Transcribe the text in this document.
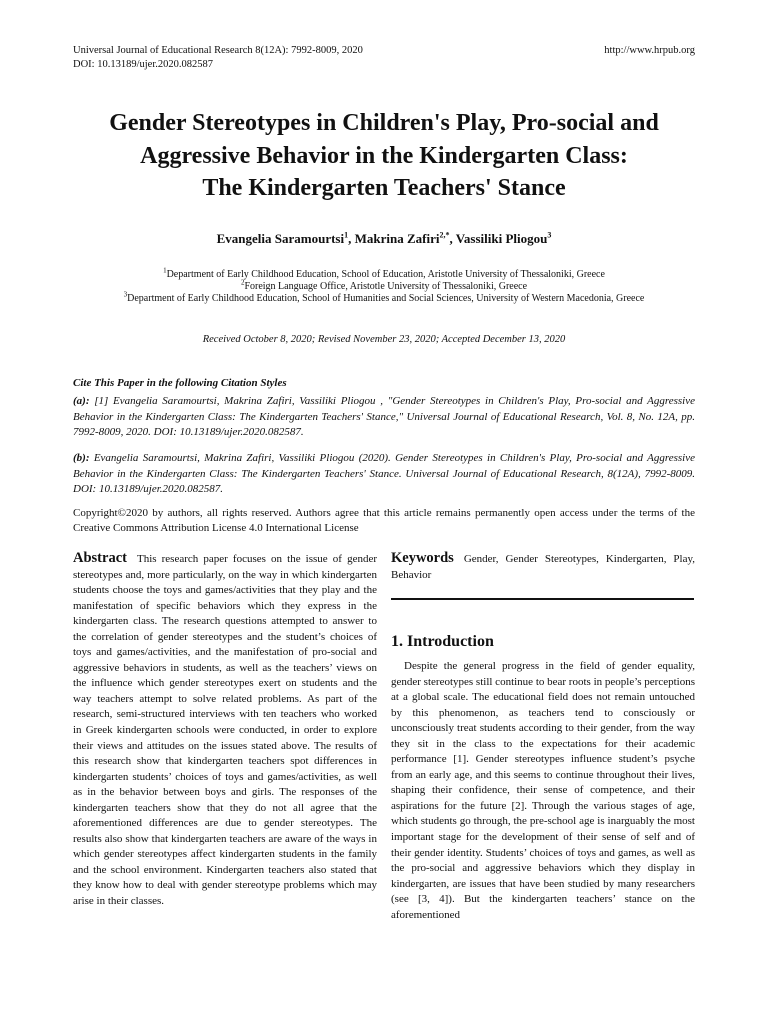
Universal Journal of Educational Research 8(12A): 7992-8009, 2020
DOI: 10.13189/ujer.2020.082587
http://www.hrpub.org
Gender Stereotypes in Children's Play, Pro-social and
Aggressive Behavior in the Kindergarten Class:
The Kindergarten Teachers' Stance
Evangelia Saramourtsi$^1$, Makrina Zafiri$^{2,*}$, Vassiliki Pliogou$^3$
$^1$Department of Early Childhood Education, School of Education, Aristotle University of Thessaloniki, Greece
$^2$Foreign Language Office, Aristotle University of Thessaloniki, Greece
$^3$Department of Early Childhood Education, School of Humanities and Social Sciences, University of Western Macedonia, Greece
Received October 8, 2020; Revised November 23, 2020; Accepted December 13, 2020
Cite This Paper in the following Citation Styles
(a): [1] Evangelia Saramourtsi, Makrina Zafiri, Vassiliki Pliogou , "Gender Stereotypes in Children's Play, Pro-social and Aggressive Behavior in the Kindergarten Class: The Kindergarten Teachers' Stance," Universal Journal of Educational Research, Vol. 8, No. 12A, pp. 7992-8009, 2020. DOI: 10.13189/ujer.2020.082587.
(b): Evangelia Saramourtsi, Makrina Zafiri, Vassiliki Pliogou (2020). Gender Stereotypes in Children's Play, Pro-social and Aggressive Behavior in the Kindergarten Class: The Kindergarten Teachers' Stance. Universal Journal of Educational Research, 8(12A), 7992-8009. DOI: 10.13189/ujer.2020.082587.
Copyright©2020 by authors, all rights reserved. Authors agree that this article remains permanently open access under the terms of the Creative Commons Attribution License 4.0 International License
Abstract This research paper focuses on the issue of gender stereotypes and, more particularly, on the way in which kindergarten students choose the toys and games/activities that they play and the manifestation of specific behaviors which they express in the kindergarten class. The research questions attempted to answer to the correlation of gender stereotypes and the student’s choices of toys and games/activities, and the manifestation of pro-social and aggressive behaviors in students, as well as the teachers’ views on the influence which gender stereotypes exert on students and the way teachers attempt to solve related problems. As part of the research, semi-structured interviews with ten teachers who worked in Greek kindergarten schools were conducted, in order to explore their views and attitudes on the issues stated above. The results of this research show that kindergarten teachers spot differences in kindergarten students’ choices of toys and games/activities, as well as in the behavior between boys and girls. The responses of the kindergarten teachers show that they do not all agree that the aforementioned differences are due to gender stereotypes. The results also show that kindergarten teachers are aware of the ways in which gender stereotypes affect kindergarten students in the family and the school environment. Kindergarten teachers also stated that they know how to deal with gender stereotype problems which may arise in their classes.
Keywords Gender, Gender Stereotypes, Kindergarten, Play, Behavior
1. Introduction
Despite the general progress in the field of gender equality, gender stereotypes still continue to bear roots in people’s perceptions at a global scale. The educational field does not remain untouched by this phenomenon, as teachers tend to consciously or unconsciously treat students according to their gender, from the way they sit in the class to the expectations for their academic performance [1]. Gender stereotypes influence student’s psyche from an early age, and this seems to continue throughout their lives, shaping their confidence, their sense of competence, and their aspirations for the future [2]. Through the various stages of age, which students go through, the pre-school age is inarguably the most important stage for the development of their sense of self and of their gender identity. Students’ choices of toys and games, as well as the pro-social and aggressive behaviors which they display in kindergarten, are issues that have been studied by many researchers (see [3, 4]). But the kindergarten teachers’ stance on the aforementioned
